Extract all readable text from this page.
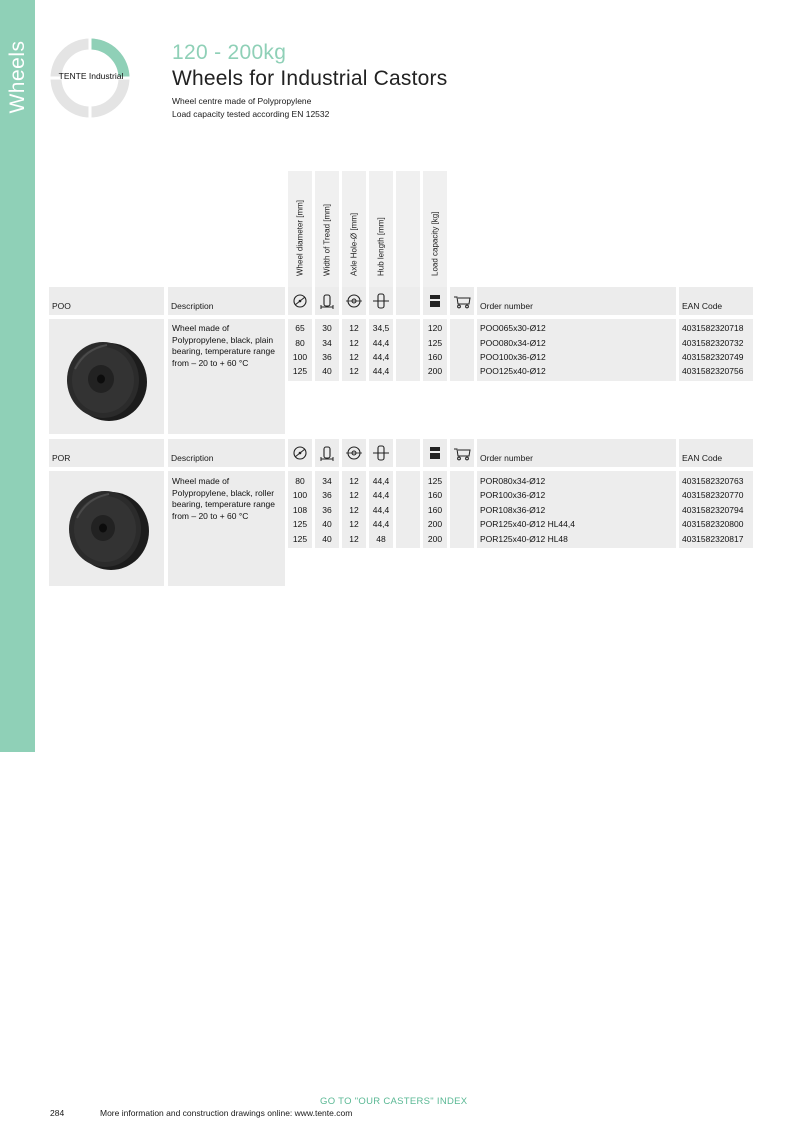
Wheels	TENTE Industrial
120 - 200kg
Wheels for Industrial Castors
Wheel centre made of Polypropylene
Load capacity tested according EN 12532
Wheel diameter [mm] Width of Tread [mm] Axle Hole-Ø [mm] Hub length [mm]	Load capacity [kg]
POO	Description	Order number	EAN Code
Wheel made of
Polypropylene, black, plain
bearing, temperature range
from – 20 to + 60 °C
65	30	12	34,5	120	POO065x30-Ø12	4031582320718
80	34	12	44,4	125	POO080x34-Ø12	4031582320732
100	36	12	44,4	160	POO100x36-Ø12	4031582320749
125	40	12	44,4	200	POO125x40-Ø12	4031582320756
POR	Description	Order number	EAN Code
Wheel made of
Polypropylene, black, roller
bearing, temperature range
from – 20 to + 60 °C
80	34	12	44,4	125	POR080x34-Ø12	4031582320763
100	36	12	44,4	160	POR100x36-Ø12	4031582320770
108	36	12	44,4	160	POR108x36-Ø12	4031582320794
125	40	12	44,4	200	POR125x40-Ø12 HL44,4	4031582320800
125	40	12	48	200	POR125x40-Ø12 HL48	4031582320817
GO TO "OUR CASTERS" INDEX
284	More information and construction drawings online: www.tente.com
